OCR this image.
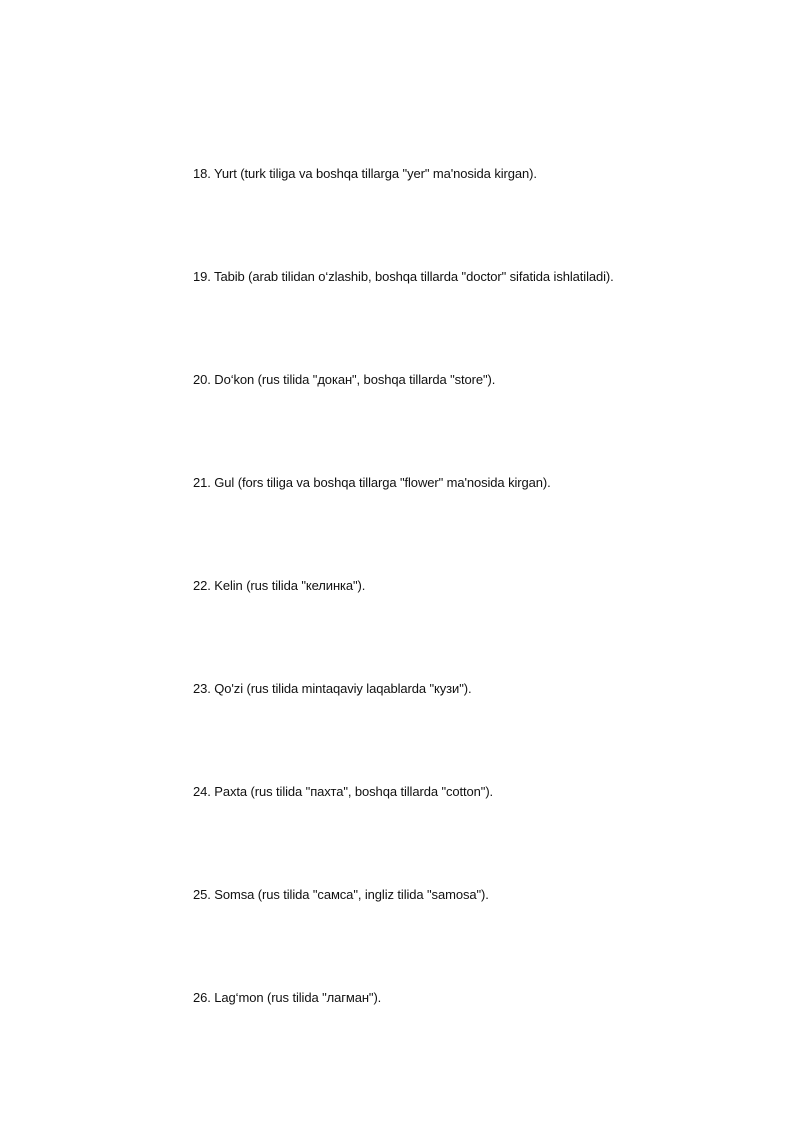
18. Yurt (turk tiliga va boshqa tillarga "yer" ma'nosida kirgan).
19. Tabib (arab tilidan o‘zlashib, boshqa tillarda "doctor" sifatida ishlatiladi).
20. Do‘kon (rus tilida "докан", boshqa tillarda "store").
21. Gul (fors tiliga va boshqa tillarga "flower" ma'nosida kirgan).
22. Kelin (rus tilida "келинка").
23. Qo'zi (rus tilida mintaqaviy laqablarda "кузи").
24. Paxta (rus tilida "пахта", boshqa tillarda "cotton").
25. Somsa (rus tilida "самса", ingliz tilida "samosa").
26. Lag‘mon (rus tilida "лагман").
